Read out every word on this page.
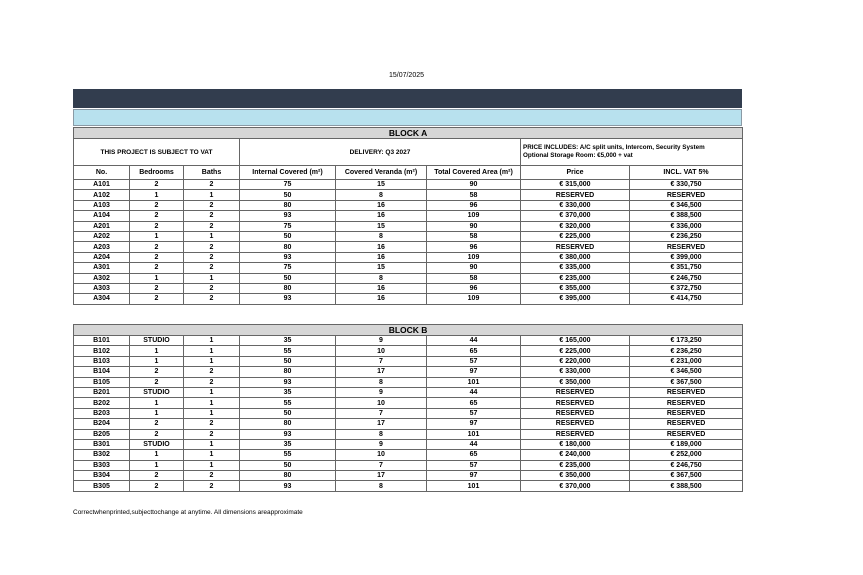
15/07/2025
BLOCK A							
THIS PROJECT IS SUBJECT TO VAT			DELIVERY: Q3 2027			PRICE INCLUDES: A/C split units, Intercom, Security System
Optional Storage Room: €5,000 + vat	
No.	Bedrooms	Baths	Internal Covered (m²)	Covered Veranda (m²)	Total Covered Area (m²)	Price	INCL. VAT 5%
A101	2	2	75	15	90	€ 315,000	€ 330,750
A102	1	1	50	8	58	RESERVED	RESERVED
A103	2	2	80	16	96	€ 330,000	€ 346,500
A104	2	2	93	16	109	€ 370,000	€ 388,500
A201	2	2	75	15	90	€ 320,000	€ 336,000
A202	1	1	50	8	58	€ 225,000	€ 236,250
A203	2	2	80	16	96	RESERVED	RESERVED
A204	2	2	93	16	109	€ 380,000	€ 399,000
A301	2	2	75	15	90	€ 335,000	€ 351,750
A302	1	1	50	8	58	€ 235,000	€ 246,750
A303	2	2	80	16	96	€ 355,000	€ 372,750
A304	2	2	93	16	109	€ 395,000	€ 414,750
BLOCK B							
B101	STUDIO	1	35	9	44	€ 165,000	€ 173,250
B102	1	1	55	10	65	€ 225,000	€ 236,250
B103	1	1	50	7	57	€ 220,000	€ 231,000
B104	2	2	80	17	97	€ 330,000	€ 346,500
B105	2	2	93	8	101	€ 350,000	€ 367,500
B201	STUDIO	1	35	9	44	RESERVED	RESERVED
B202	1	1	55	10	65	RESERVED	RESERVED
B203	1	1	50	7	57	RESERVED	RESERVED
B204	2	2	80	17	97	RESERVED	RESERVED
B205	2	2	93	8	101	RESERVED	RESERVED
B301	STUDIO	1	35	9	44	€ 180,000	€ 189,000
B302	1	1	55	10	65	€ 240,000	€ 252,000
B303	1	1	50	7	57	€ 235,000	€ 246,750
B304	2	2	80	17	97	€ 350,000	€ 367,500
B305	2	2	93	8	101	€ 370,000	€ 388,500
Correctwhenprinted,subjecttochange at anytime. All dimensions areapproximate
